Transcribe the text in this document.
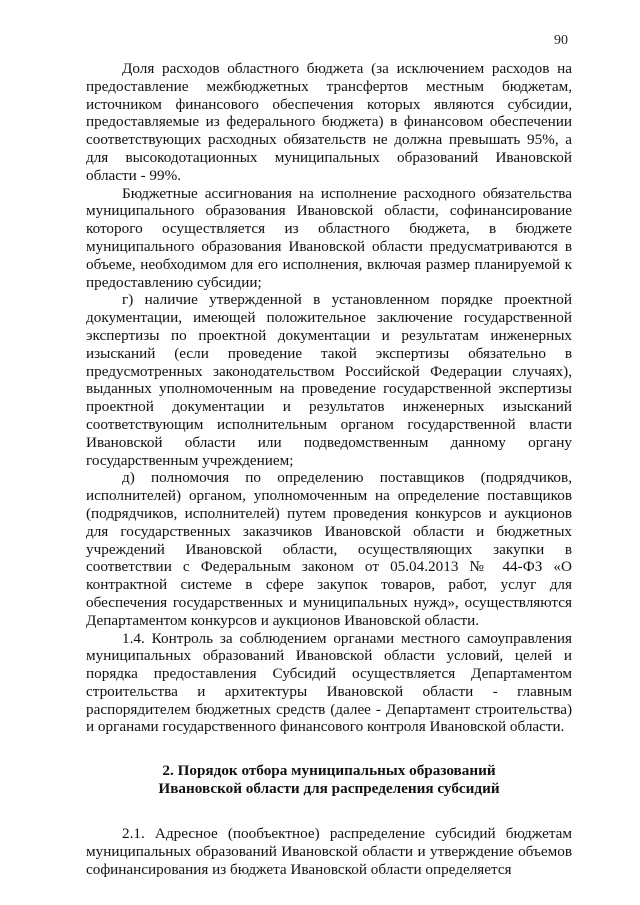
90

Доля расходов областного бюджета (за исключением расходов на предоставление межбюджетных трансфертов местным бюджетам, источником финансового обеспечения которых являются субсидии, предоставляемые из федерального бюджета) в финансовом обеспечении соответствующих расходных обязательств не должна превышать 95%, а для высокодотационных муниципальных образований Ивановской области - 99%.

Бюджетные ассигнования на исполнение расходного обязательства муниципального образования Ивановской области, софинансирование которого осуществляется из областного бюджета, в бюджете муниципального образования Ивановской области предусматриваются в объеме, необходимом для его исполнения, включая размер планируемой к предоставлению субсидии;

г) наличие утвержденной в установленном порядке проектной документации, имеющей положительное заключение государственной экспертизы по проектной документации и результатам инженерных изысканий (если проведение такой экспертизы обязательно в предусмотренных законодательством Российской Федерации случаях), выданных уполномоченным на проведение государственной экспертизы проектной документации и результатов инженерных изысканий соответствующим исполнительным органом государственной власти Ивановской области или подведомственным данному органу государственным учреждением;

д) полномочия по определению поставщиков (подрядчиков, исполнителей) органом, уполномоченным на определение поставщиков (подрядчиков, исполнителей) путем проведения конкурсов и аукционов для государственных заказчиков Ивановской области и бюджетных учреждений Ивановской области, осуществляющих закупки в соответствии с Федеральным законом от 05.04.2013 № 44-ФЗ «О контрактной системе в сфере закупок товаров, работ, услуг для обеспечения государственных и муниципальных нужд», осуществляются Департаментом конкурсов и аукционов Ивановской области.

1.4. Контроль за соблюдением органами местного самоуправления муниципальных образований Ивановской области условий, целей и порядка предоставления Субсидий осуществляется Департаментом строительства и архитектуры Ивановской области - главным распорядителем бюджетных средств (далее - Департамент строительства) и органами государственного финансового контроля Ивановской области.

2. Порядок отбора муниципальных образований
Ивановской области для распределения субсидий

2.1. Адресное (пообъектное) распределение субсидий бюджетам муниципальных образований Ивановской области и утверждение объемов софинансирования из бюджета Ивановской области определяется
